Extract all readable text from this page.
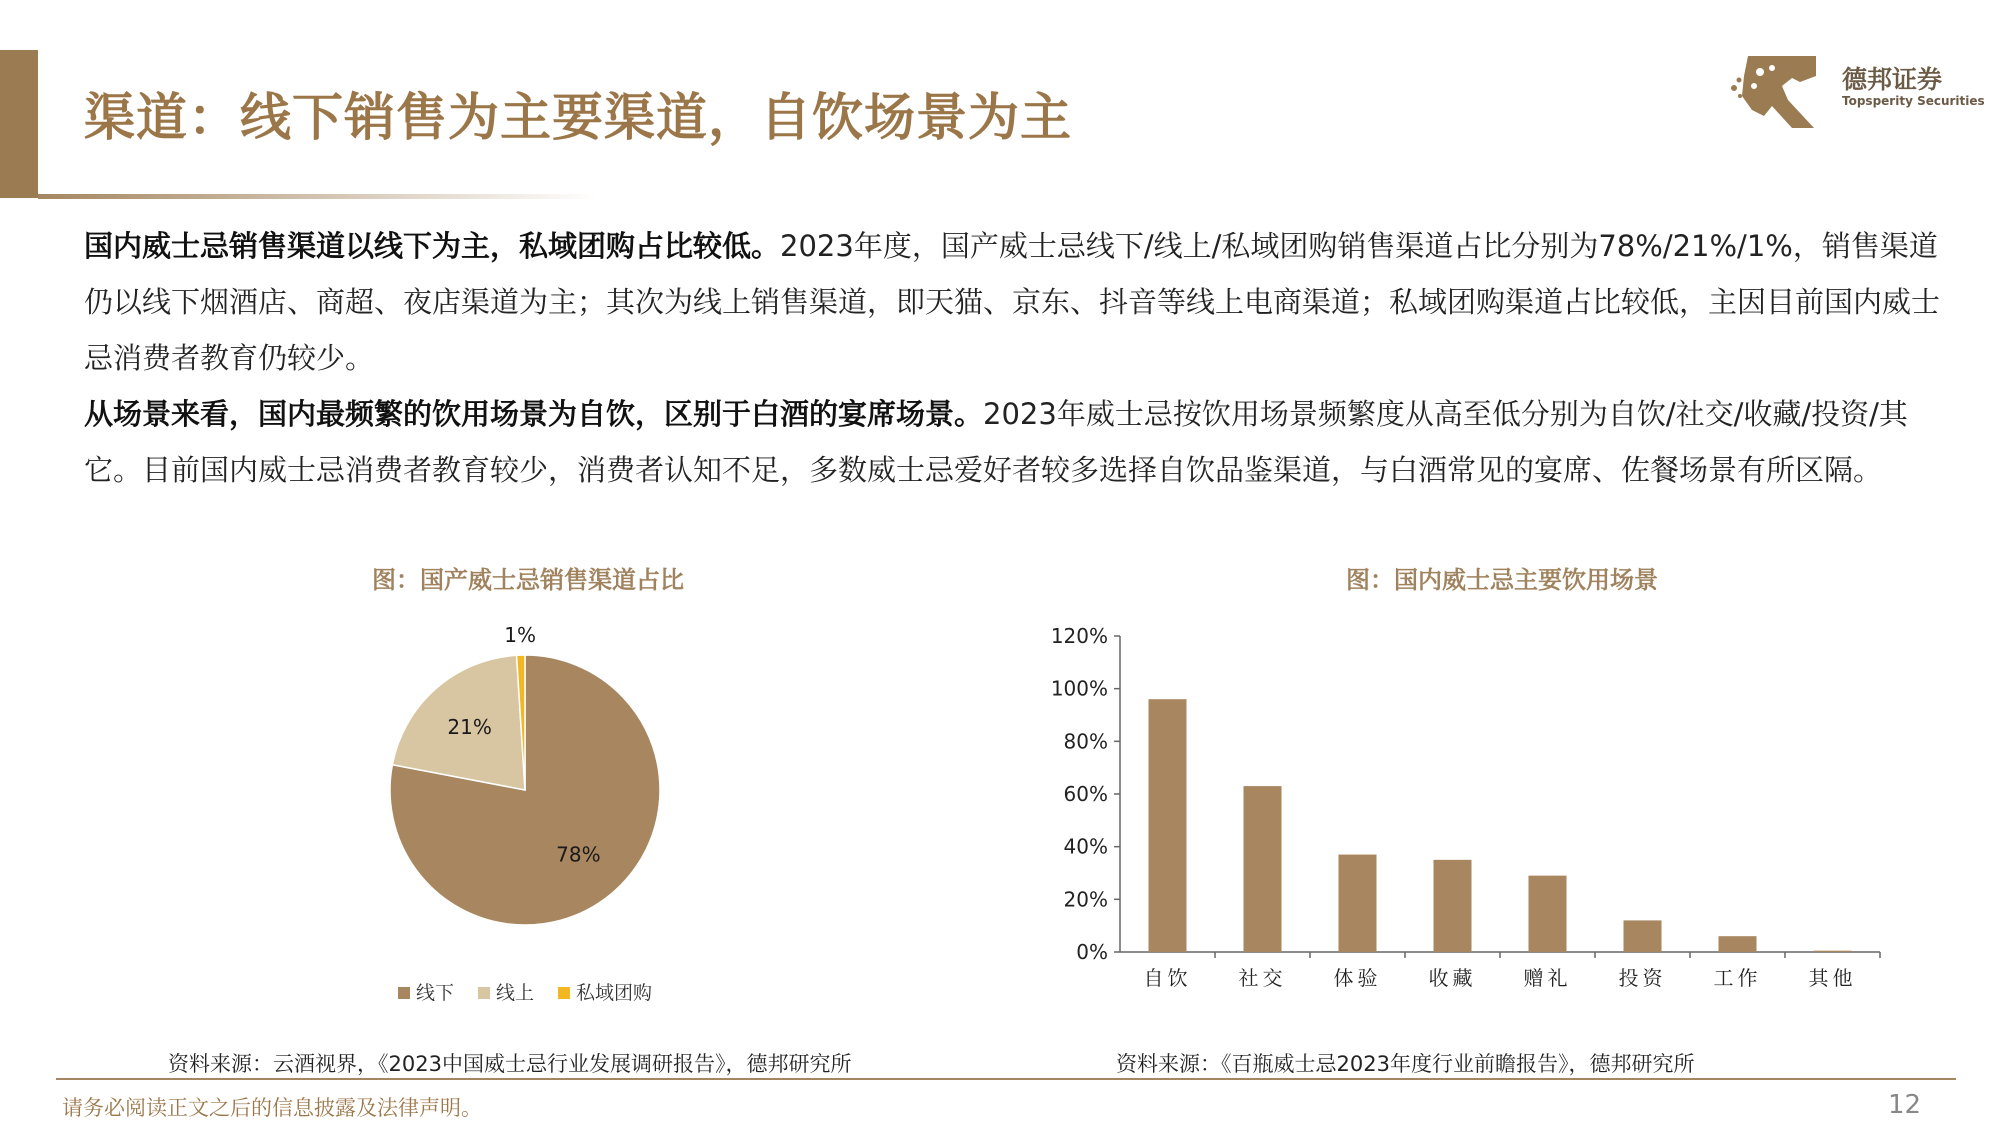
渠道：线下销售为主要渠道，自饮场景为主
德邦证券
Topsperity Securities

国内威士忌销售渠道以线下为主，私域团购占比较低。2023年度，国产威士忌线下/线上/私域团购销售渠道占比分别为78%/21%/1%，销售渠道仍以线下烟酒店、商超、夜店渠道为主；其次为线上销售渠道，即天猫、京东、抖音等线上电商渠道；私域团购渠道占比较低，主因目前国内威士忌消费者教育仍较少。

从场景来看，国内最频繁的饮用场景为自饮，区别于白酒的宴席场景。2023年威士忌按饮用场景频繁度从高至低分别为自饮/社交/收藏/投资/其它。目前国内威士忌消费者教育较少，消费者认知不足，多数威士忌爱好者较多选择自饮品鉴渠道，与白酒常见的宴席、佐餐场景有所区隔。

图：国产威士忌销售渠道占比
78%
21%
1%
线下 线上 私域团购
资料来源：云酒视界，《2023中国威士忌行业发展调研报告》，德邦研究所
图：国内威士忌主要饮用场景
0%
20%
40%
60%
80%
100%
120%
自饮 社交 体验 收藏 赠礼 投资 工作 其他
资料来源：《百瓶威士忌2023年度行业前瞻报告》，德邦研究所
请务必阅读正文之后的信息披露及法律声明。	12
